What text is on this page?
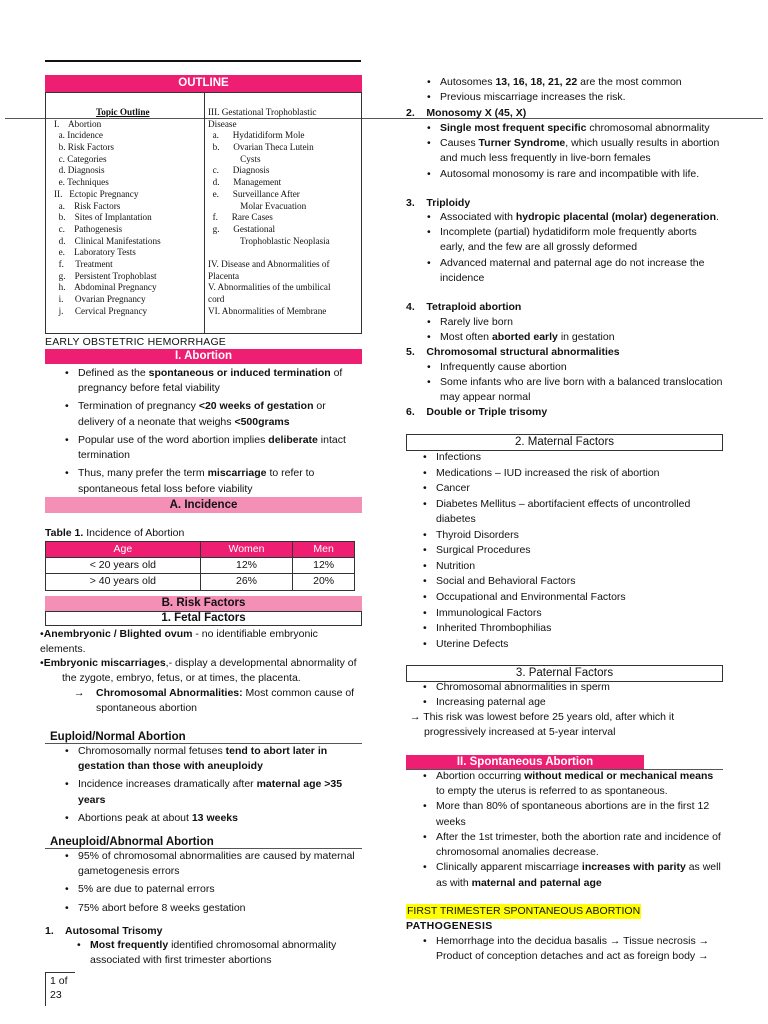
OUTLINE
Topic Outline
I.    Abortion
a. Incidence
b. Risk Factors
c. Categories
d. Diagnosis
e. Techniques
II.   Ectopic Pregnancy
a.    Risk Factors
b.    Sites of Implantation
c.    Pathogenesis
d.    Clinical Manifestations
e.    Laboratory Tests
f.     Treatment
g.    Persistent Trophoblast
h.    Abdominal Pregnancy
i.     Ovarian Pregnancy
j.     Cervical Pregnancy
III. Gestational Trophoblastic
Disease
a.      Hydatidiform Mole
b.      Ovarian Theca Lutein
Cysts
c.      Diagnosis
d.      Management
e.      Surveillance After
Molar Evacuation
f.      Rare Cases
g.      Gestational
Trophoblastic Neoplasia
IV. Disease and Abnormalities of
Placenta
V. Abnormalities of the umbilical
cord
VI. Abnormalities of Membrane
EARLY OBSTETRIC HEMORRHAGE
I. Abortion
• Defined as the spontaneous or induced termination of pregnancy before fetal viability
• Termination of pregnancy <20 weeks of gestation or delivery of a neonate that weighs <500grams
• Popular use of the word abortion implies deliberate intact termination
• Thus, many prefer the term miscarriage to refer to spontaneous fetal loss before viability
A. Incidence
Table 1. Incidence of Abortion
Age	Women	Men
< 20 years old	12%	12%
> 40 years old	26%	20%
B. Risk Factors
1. Fetal Factors
•Anembryonic / Blighted ovum - no identifiable embryonic elements.
•Embryonic miscarriages,- display a developmental abnormality of the zygote, embryo, fetus, or at times, the placenta.
→ Chromosomal Abnormalities: Most common cause of spontaneous abortion
Euploid/Normal Abortion
• Chromosomally normal fetuses tend to abort later in gestation than those with aneuploidy
• Incidence increases dramatically after maternal age >35 years
• Abortions peak at about 13 weeks
Aneuploid/Abnormal Abortion
• 95% of chromosomal abnormalities are caused by maternal gametogenesis errors
• 5% are due to paternal errors
• 75% abort before 8 weeks gestation
1.    Autosomal Trisomy
• Most frequently identified chromosomal abnormality associated with first trimester abortions
1 of 23
• Autosomes 13, 16, 18, 21, 22 are the most common
• Previous miscarriage increases the risk.
2.    Monosomy X (45, X)
• Single most frequent specific chromosomal abnormality
• Causes Turner Syndrome, which usually results in abortion and much less frequently in live-born females
• Autosomal monosomy is rare and incompatible with life.
3.    Triploidy
• Associated with hydropic placental (molar) degeneration.
• Incomplete (partial) hydatidiform mole frequently aborts early, and the few are all grossly deformed
• Advanced maternal and paternal age do not increase the incidence
4.    Tetraploid abortion
• Rarely live born
• Most often aborted early in gestation
5.    Chromosomal structural abnormalities
• Infrequently cause abortion
• Some infants who are live born with a balanced translocation may appear normal
6.    Double or Triple trisomy
2. Maternal Factors
• Infections
• Medications – IUD increased the risk of abortion
• Cancer
• Diabetes Mellitus – abortifacient effects of uncontrolled diabetes
• Thyroid Disorders
• Surgical Procedures
• Nutrition
• Social and Behavioral Factors
• Occupational and Environmental Factors
• Immunological Factors
• Inherited Thrombophilias
• Uterine Defects
3. Paternal Factors
• Chromosomal abnormalities in sperm
• Increasing paternal age
→ This risk was lowest before 25 years old, after which it progressively increased at 5-year interval
II. Spontaneous Abortion
• Abortion occurring without medical or mechanical means to empty the uterus is referred to as spontaneous.
• More than 80% of spontaneous abortions are in the first 12 weeks
• After the 1st trimester, both the abortion rate and incidence of chromosomal anomalies decrease.
• Clinically apparent miscarriage increases with parity as well as with maternal and paternal age
FIRST TRIMESTER SPONTANEOUS ABORTION
PATHOGENESIS
• Hemorrhage into the decidua basalis → Tissue necrosis → Product of conception detaches and act as foreign body →
